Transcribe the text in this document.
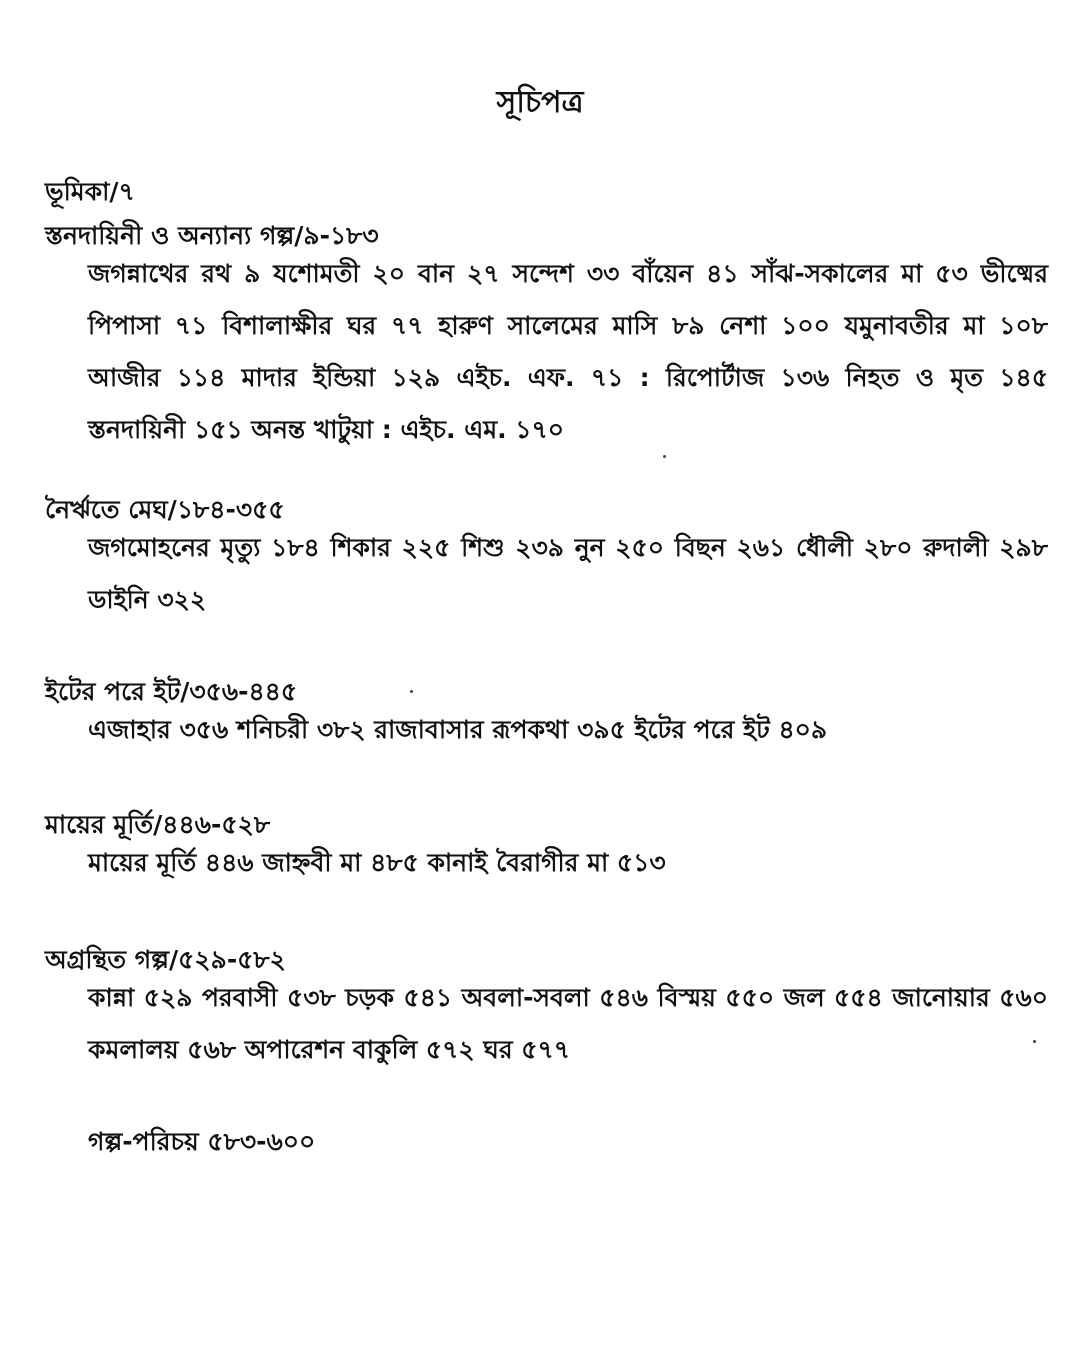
সূচিপত্র
ভূমিকা/৭
স্তনদায়িনী ও অন্যান্য গল্প/৯-১৮৩
জগন্নাথের রথ ৯ যশোমতী ২০ বান ২৭ সন্দেশ ৩৩ বাঁয়েন ৪১ সাঁঝ-সকালের মা ৫৩ ভীষ্মের পিপাসা ৭১ বিশালাক্ষীর ঘর ৭৭ হারুণ সালেমের মাসি ৮৯ নেশা ১০০ যমুনাবতীর মা ১০৮ আজীর ১১৪ মাদার ইন্ডিয়া ১২৯ এইচ. এফ. ৭১ : রিপোর্টাজ ১৩৬ নিহত ও মৃত ১৪৫ স্তনদায়িনী ১৫১ অনন্ত খাটুয়া : এইচ. এম. ১৭০
নৈর্ঋতে মেঘ/১৮৪-৩৫৫
জগমোহনের মৃত্যু ১৮৪ শিকার ২২৫ শিশু ২৩৯ নুন ২৫০ বিছন ২৬১ ধৌলী ২৮০ রুদালী ২৯৮ ডাইনি ৩২২
ইটের পরে ইট/৩৫৬-৪৪৫
এজাহার ৩৫৬ শনিচরী ৩৮২ রাজাবাসার রূপকথা ৩৯৫ ইটের পরে ইট ৪০৯
মায়ের মূর্তি/৪৪৬-৫২৮
মায়ের মূর্তি ৪৪৬ জাহ্নবী মা ৪৮৫ কানাই বৈরাগীর মা ৫১৩
অগ্রন্থিত গল্প/৫২৯-৫৮২
কান্না ৫২৯ পরবাসী ৫৩৮ চড়ক ৫৪১ অবলা-সবলা ৫৪৬ বিস্ময় ৫৫০ জল ৫৫৪ জানোয়ার ৫৬০ কমলালয় ৫৬৮ অপারেশন বাকুলি ৫৭২ ঘর ৫৭৭
গল্প-পরিচয় ৫৮৩-৬০০
